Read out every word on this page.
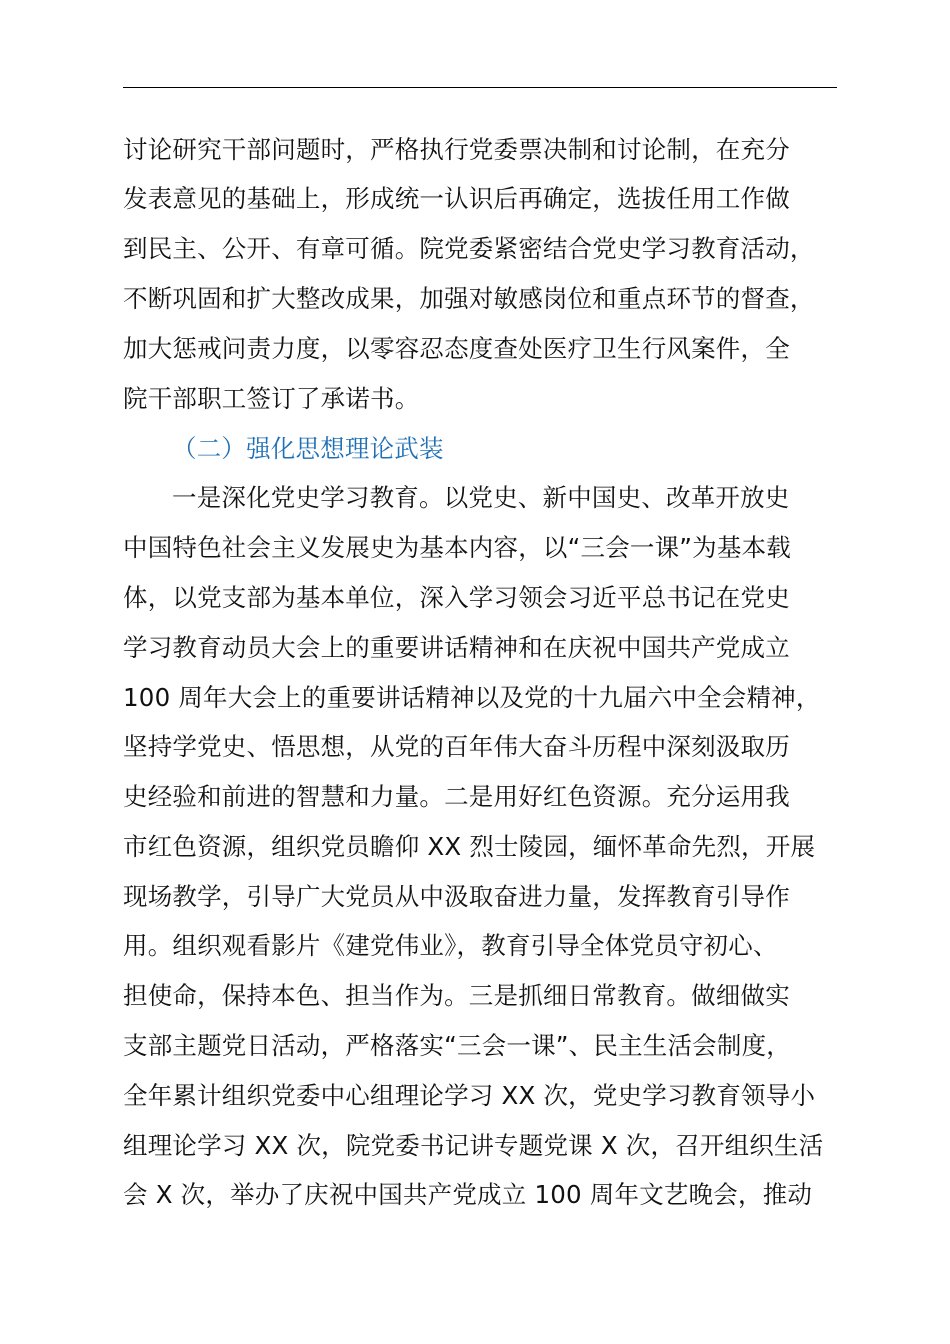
讨论研究干部问题时，严格执行党委票决制和讨论制，在充分
发表意见的基础上，形成统一认识后再确定，选拔任用工作做
到民主、公开、有章可循。院党委紧密结合党史学习教育活动，
不断巩固和扩大整改成果，加强对敏感岗位和重点环节的督查，
加大惩戒问责力度，以零容忍态度查处医疗卫生行风案件，全
院干部职工签订了承诺书。
（二）强化思想理论武装
一是深化党史学习教育。以党史、新中国史、改革开放史
中国特色社会主义发展史为基本内容，以“三会一课”为基本载
体，以党支部为基本单位，深入学习领会习近平总书记在党史
学习教育动员大会上的重要讲话精神和在庆祝中国共产党成立
100 周年大会上的重要讲话精神以及党的十九届六中全会精神，
坚持学党史、悟思想，从党的百年伟大奋斗历程中深刻汲取历
史经验和前进的智慧和力量。二是用好红色资源。充分运用我
市红色资源，组织党员瞻仰 XX 烈士陵园，缅怀革命先烈，开展
现场教学，引导广大党员从中汲取奋进力量，发挥教育引导作
用。组织观看影片《建党伟业》，教育引导全体党员守初心、
担使命，保持本色、担当作为。三是抓细日常教育。做细做实
支部主题党日活动，严格落实“三会一课”、民主生活会制度，
全年累计组织党委中心组理论学习 XX 次，党史学习教育领导小
组理论学习 XX 次，院党委书记讲专题党课 X 次，召开组织生活
会 X 次，举办了庆祝中国共产党成立 100 周年文艺晚会，推动
